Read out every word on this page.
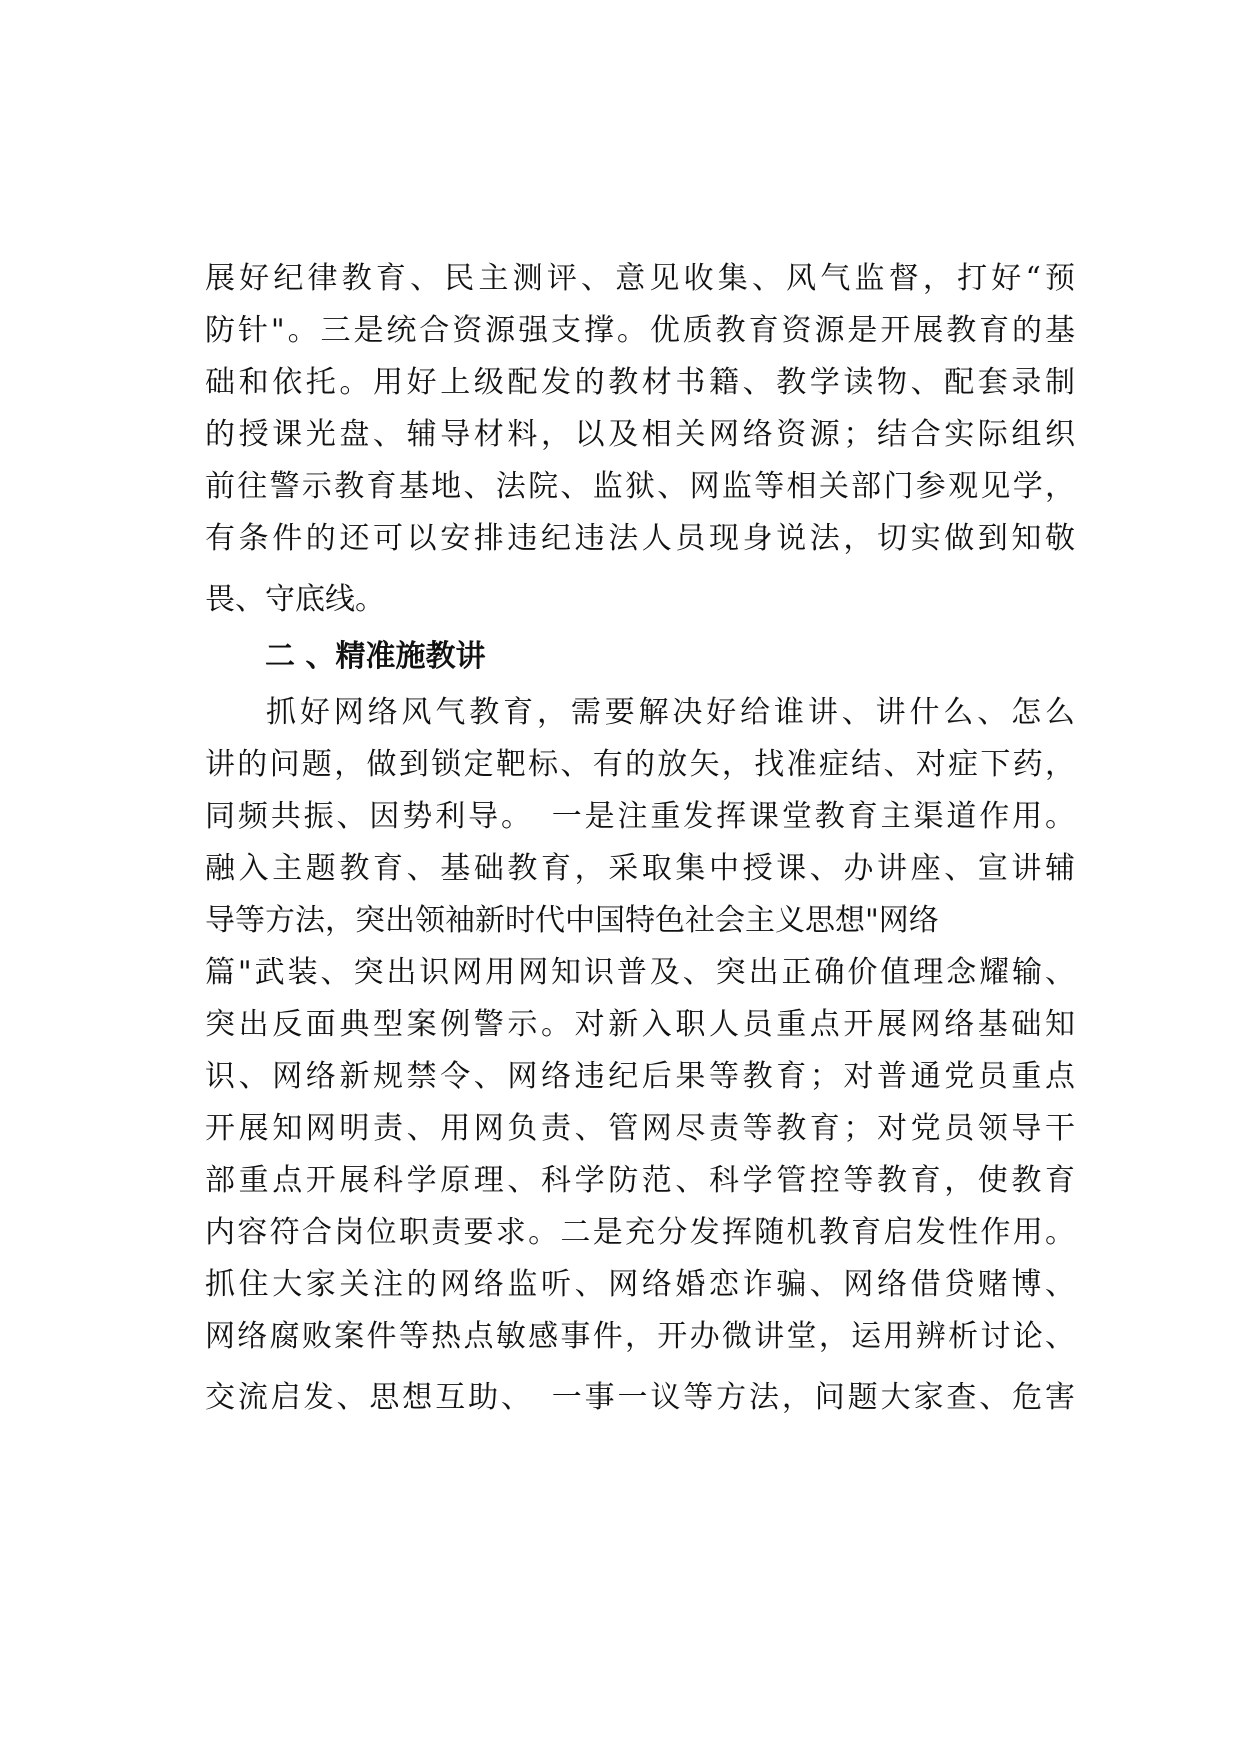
展好纪律教育、民主测评、意见收集、风气监督，打好“预
防针"。三是统合资源强支撑。优质教育资源是开展教育的基
础和依托。用好上级配发的教材书籍、教学读物、配套录制
的授课光盘、辅导材料，以及相关网络资源；结合实际组织
前往警示教育基地、法院、监狱、网监等相关部门参观见学，
有条件的还可以安排违纪违法人员现身说法，切实做到知敬
畏、守底线。
二 、精准施教讲
抓好网络风气教育，需要解决好给谁讲、讲什么、怎么
讲的问题，做到锁定靶标、有的放矢，找准症结、对症下药，
同频共振、因势利导。　一是注重发挥课堂教育主渠道作用。
融入主题教育、基础教育，采取集中授课、办讲座、宣讲辅
导等方法，突出领袖新时代中国特色社会主义思想"网络
篇"武装、突出识网用网知识普及、突出正确价值理念耀输、
突出反面典型案例警示。对新入职人员重点开展网络基础知
识、网络新规禁令、网络违纪后果等教育；对普通党员重点
开展知网明责、用网负责、管网尽责等教育；对党员领导干
部重点开展科学原理、科学防范、科学管控等教育，使教育
内容符合岗位职责要求。二是充分发挥随机教育启发性作用。
抓住大家关注的网络监听、网络婚恋诈骗、网络借贷赌博、
网络腐败案件等热点敏感事件，开办微讲堂，运用辨析讨论、
交流启发、思想互助、　一事一议等方法，问题大家查、危害
